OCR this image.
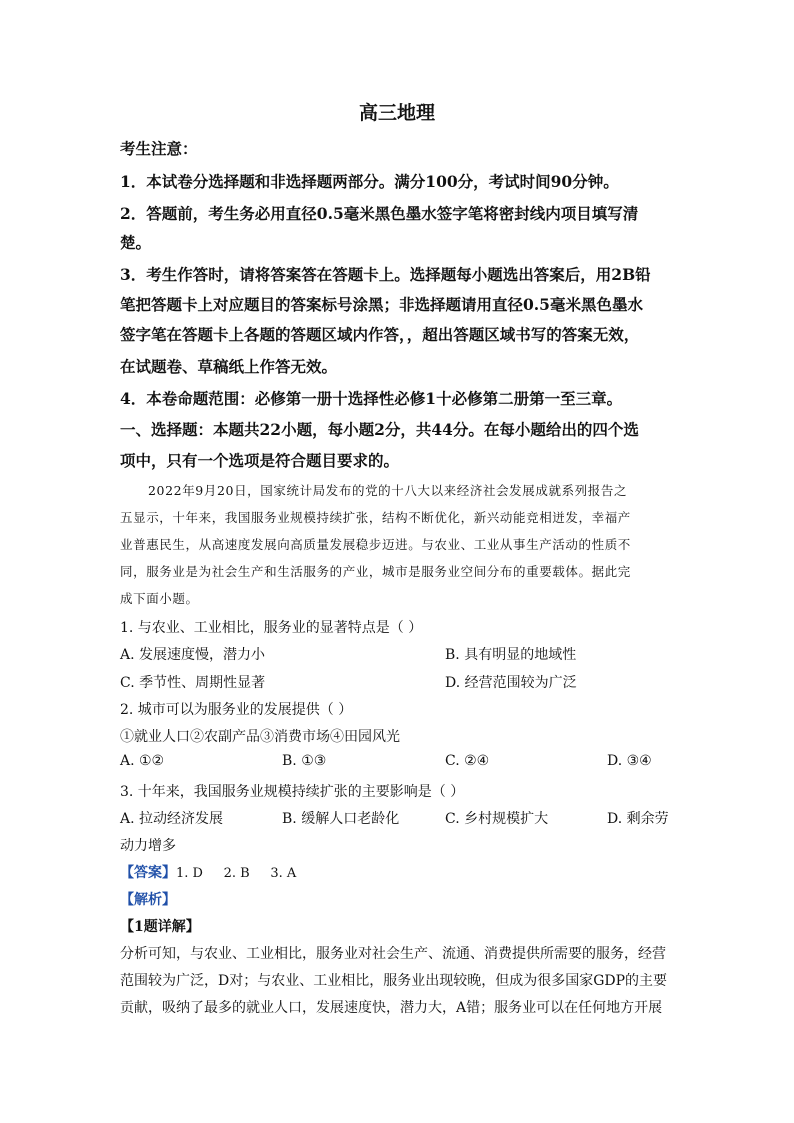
高三地理
考生注意：
1．本试卷分选择题和非选择题两部分。满分100分，考试时间90分钟。
2．答题前，考生务必用直径0.5毫米黑色墨水签字笔将密封线内项目填写清
楚。
3．考生作答时，请将答案答在答题卡上。选择题每小题选出答案后，用2B铅
笔把答题卡上对应题目的答案标号涂黑；非选择题请用直径0.5毫米黑色墨水
签字笔在答题卡上各题的答题区域内作答，，超出答题区域书写的答案无效，
在试题卷、草稿纸上作答无效。
4．本卷命题范围：必修第一册十选择性必修1十必修第二册第一至三章。
一、选择题：本题共22小题，每小题2分，共44分。在每小题给出的四个选
项中，只有一个选项是符合题目要求的。
2022年9月20日，国家统计局发布的党的十八大以来经济社会发展成就系列报告之
五显示，十年来，我国服务业规模持续扩张，结构不断优化，新兴动能竞相迸发，幸福产
业普惠民生，从高速度发展向高质量发展稳步迈进。与农业、工业从事生产活动的性质不
同，服务业是为社会生产和生活服务的产业，城市是服务业空间分布的重要载体。据此完
成下面小题。
1. 与农业、工业相比，服务业的显著特点是（ ）
A. 发展速度慢，潜力小	B. 具有明显的地域性
C. 季节性、周期性显著	D. 经营范围较为广泛
2. 城市可以为服务业的发展提供（ ）
①就业人口②农副产品③消费市场④田园风光
A. ①②	B. ①③	C. ②④	D. ③④
3. 十年来，我国服务业规模持续扩张的主要影响是（ ）
A. 拉动经济发展	B. 缓解人口老龄化	C. 乡村规模扩大	D. 剩余劳
动力增多
【答案】1. D     2. B     3. A
【解析】
【1题详解】
分析可知，与农业、工业相比，服务业对社会生产、流通、消费提供所需要的服务，经营
范围较为广泛，D对；与农业、工业相比，服务业出现较晚，但成为很多国家GDP的主要
贡献，吸纳了最多的就业人口，发展速度快，潜力大，A错；服务业可以在任何地方开展
